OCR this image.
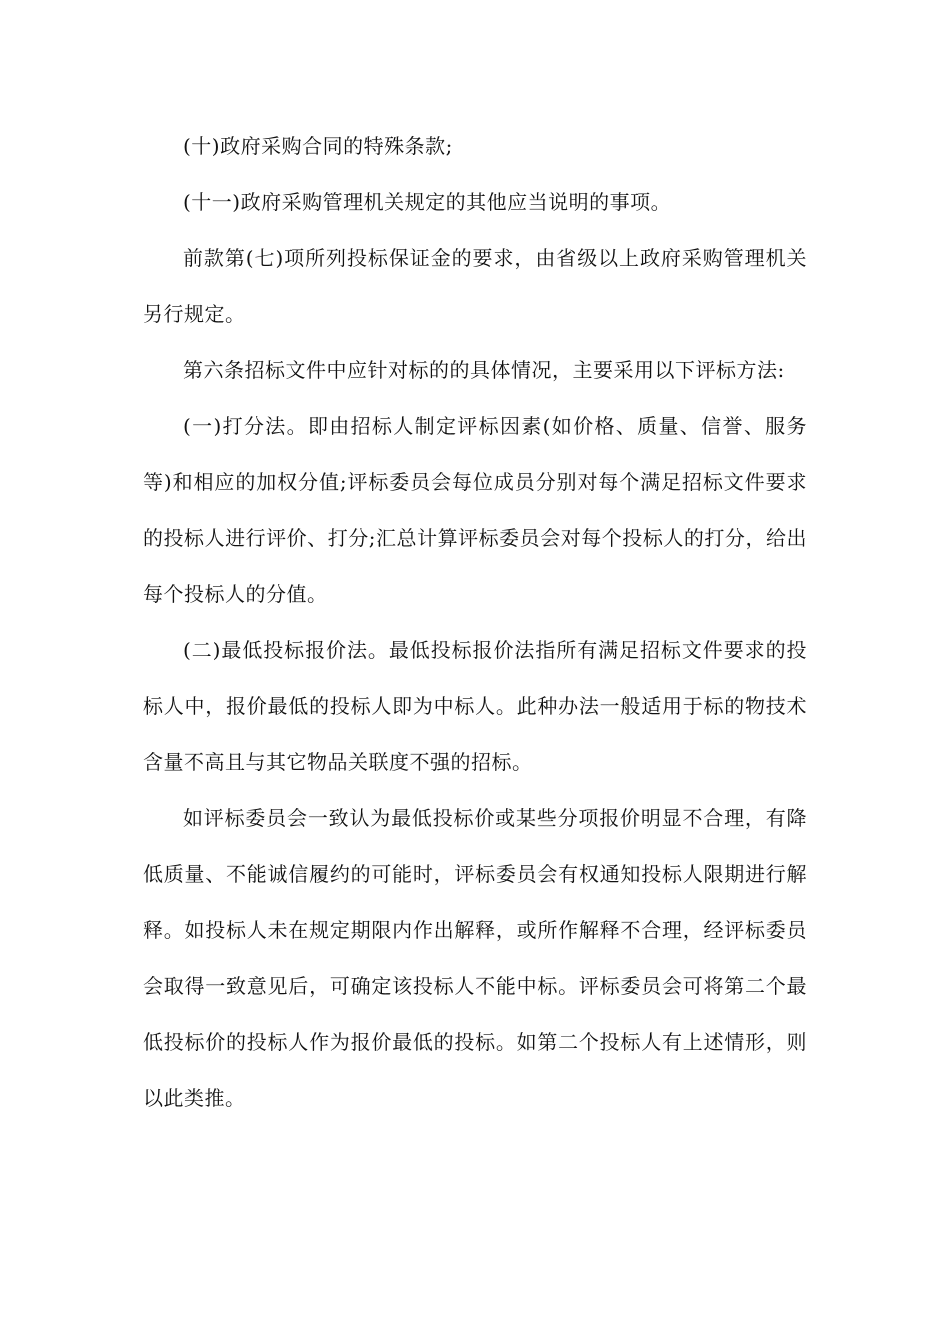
(十)政府采购合同的特殊条款;

(十一)政府采购管理机关规定的其他应当说明的事项。

前款第(七)项所列投标保证金的要求，由省级以上政府采购管理机关另行规定。

第六条招标文件中应针对标的的具体情况，主要采用以下评标方法:

(一)打分法。即由招标人制定评标因素(如价格、质量、信誉、服务等)和相应的加权分值;评标委员会每位成员分别对每个满足招标文件要求的投标人进行评价、打分;汇总计算评标委员会对每个投标人的打分，给出每个投标人的分值。

(二)最低投标报价法。最低投标报价法指所有满足招标文件要求的投标人中，报价最低的投标人即为中标人。此种办法一般适用于标的物技术含量不高且与其它物品关联度不强的招标。

如评标委员会一致认为最低投标价或某些分项报价明显不合理，有降低质量、不能诚信履约的可能时，评标委员会有权通知投标人限期进行解释。如投标人未在规定期限内作出解释，或所作解释不合理，经评标委员会取得一致意见后，可确定该投标人不能中标。评标委员会可将第二个最低投标价的投标人作为报价最低的投标。如第二个投标人有上述情形，则以此类推。
